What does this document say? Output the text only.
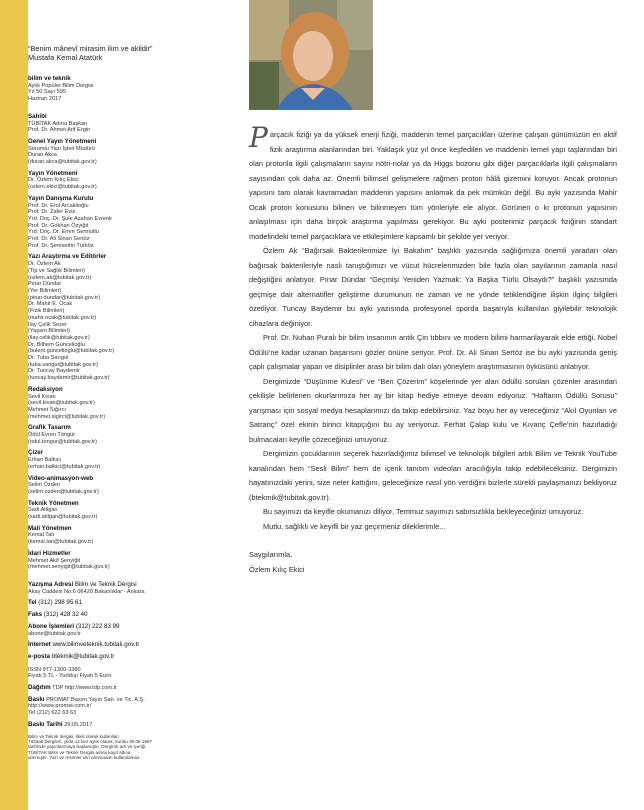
“Benim mânevî mirasim ilim ve akildir”
Mustafa Kemal Atatürk
bilim ve teknik
Aylık Popüler Bilim Dergisi
Yıl 50 Sayı 595
Haziran 2017
Sahibi
TÜBİTAK Adına Başkan
Prof. Dr. Ahmet Arif Ergin
Genel Yayın Yönetmeni
Sorumlu Yazı İşleri Müdürü
Duran Akca
(duran.akca@tubitak.gov.tr)
Yayın Yönetmeni
Dr. Özlem Kılıç Ekici
(ozlem.ekici@tubitak.gov.tr)
Yayın Danışma Kurulu
Prof. Dr. Erol Arcaklioğlu
Prof. Dr. Zafer Evis
Yrd. Doç. Dr. Şule Asahan Evrenk
Prof. Dr. Gökhan Özyiğit
Yrd. Doç. Dr. Emre Sermutlu
Prof. Dr. Ali Sinan Sertöz
Prof. Dr. Şemsettin Türköz
Yazı Araştırma ve Editörler
Dr. Özlem Ak
(Tip ve Sağlık Bilimleri)
(ozlem.ak@tubitak.gov.tr)
Pınar Dündar
(Yer Bilimleri)
(pinar.dundar@tubitak.gov.tr)
Dr. Mahir E. Ocak
(Fizik Bilimleri)
(mahir.ocak@tubitak.gov.tr)
İlay Çelik Sezer
(Yaşam Bilimleri)
(ilay.celik@tubitak.gov.tr)
Dr. Bilhem Güncelioğlu
(bulent.guncelioglu@tubitak.gov.tr)
Dr. Tuba Sarıgul
(tuba.sarigul@tubitak.gov.tr)
Dr. Tuncay Baydemir
(tuncay.baydemir@tubitak.gov.tr)
Redaksiyon
Sevil Kivan
(sevil.kivan@tubitak.gov.tr)
Mehmet Sığırcı
(mehmet.sigirci@tubitak.gov.tr)
Grafik Tasarım
Ödül Evren Töngür
(odul.tongur@tubitak.gov.tr)
Çizer
Erhan Balkıcı
(erhan.balkici@tubitak.gov.tr)
Video-animasyon-web
Selim Özden
(selim.ozden@tubitak.gov.tr)
Teknik Yönetmen
Sadi Atilgan
(sadi.atilgan@tubitak.gov.tr)
Mali Yönetmen
Kemal Tan
(kemal.tan@tubitak.gov.tr)
İdari Hizmetler
Mehmet Akif Şenyiğit
(mehmet.senyigit@tubitak.gov.tr)
Yazışma Adresi Bilim ve Teknik Dergisi
Akay Caddesi No:6 06420 Bakanlıklar - Ankara
Tel (312) 298 95 61
Faks (312) 428 32 40
Abone İşlemleri (312) 222 83 99
abone@tubitak.gov.tr
İnternet www.bilimveteknik.tubitak.gov.tr
e-posta btekmik@tubitak.gov.tr
ISSN 977-1300-3380
Fiyatı 5 TL - Yurtdışı Fiyatı 5 Euro
Dağıtım TDP http://www.tdp.com.tr
Baskı PROMAT Basım Yayın San. ve Tic. A.Ş.
http://www.promat.com.tr/
Tel (212) 622 63 63
Baskı Tarihi 29.05.2017
Bilim ve Teknik dergisi, ilkeli olarak kullanilan
Tübitak Dergileri, yilda 12 kez aylık olarak, kurulu 30.06.1967
tarihinde yayınlanmaya başlamıştır. Derginin adı ve içeriği
TÜBİTAK Bilim ve Teknik Dergisi adına kayıt altına
alınmıştır. Yazı ve resimler izin alınmadan kullanılamaz.

Parçacık fiziği ya da yüksek enerji fiziği, maddenin temel parçacıkları üzerine çalışan günümüzün en aktif fizik araştırma alanlarından biri. Yaklaşık yüz yıl önce keşfedilen ve maddenin temel yapı taşlarından biri olan protonla ilgili çalışmaların sayısı nötri-nolar ya da Higgs bozonu gibi diğer parçacıklarla ilgili çalışmaların sayısından çok daha az. Önemli bilimsel gelişmelere rağmen proton hâlâ gizemini koruyor. Ancak protonun yapısını tam olarak kavramadan maddenin yapısını anlamak da pek mümkün değil. Bu ayki yazısında Mahir Ocak proton konusunu bilinen ve bilinmeyen tüm yönleriyle ele alıyor. Görünen o ki protonun yapısının anlaşılması için daha birçok araştırma yapılması gerekiyor. Bu ayki posterimiz parçacık fiziğinin standart modelindeki temel parçacıklara ve etkileşimlere kapsamlı bir şekilde yer veriyor.

Özlem Ak “Bağırsak Bakterilerimize İyi Bakalım” başlıklı yazısında sağlığımıza önemli yararları olan bağırsak bakterileriyle naslı tanıştığımızı ve vücut hücrelerimizden bile fazla olan sayılarının zamanla nasıl değiştiğini anlatıyor. Pınar Dündar “Geçmişi Yeniden Yazmak: Ya Başka Türlü Olsaydı?” başlıklı yazısında geçmişe dair alternatifler geliştirme durumunun ne zaman ve ne yönde tetiklendiğine ilişkin ilginç bilgileri özetliyor. Tuncay Baydemir bu ayki yazısında profesyonel sporda başarıyla kullanılan giyilebilir teknolojik cihazlara değiniyor.

Prof. Dr. Nuhan Puralı bir bilim insanının antik Çin tıbbını ve modern bilimi harmanlayarak elde ettiği, Nobel Ödülü’ne kadar uzanan başarısını gözler önüne seriyor. Prof. Dr. Ali Sinan Sertöz ise bu ayki yazısında geniş çaplı çalışmalar yapan ve disiplinler arası bir bilim dalı olan yöneylem araştırmasının öyküsünü anlatıyor.

Dergimizde “Düşünme Kulesi” ve “Ben Çözerim” köşelerinde yer alan ödüllü soruları çözenler arasından çekilişle belirlenen okurlarımıza her ay bir kitap hediye etmeye devam ediyoruz. “Haftanın Ödüllü Sorusu” yarışması için sosyal medya hesaplarımızı da takip edebilirsiniz. Yaz boyu her ay vereceğimiz “Akıl Oyunları ve Satranç” özel ekinin birinci kitapçığını bu ay veriyoruz. Ferhat Çalap kulu ve Kıvanç Çefle’nin hazırladığı bulmacaları keyifle çözeceğinizi umuyoruz.

Dergimizin çocuklarının seçerek hazırladığımız bilimsel ve teknolojik bilgileri artık Bilim ve Teknik YouTube kanalından hem “Sesli Bilim” hem de içerik tanıtım videoları aracılığıyla takip edebileceksiniz. Dergimizin hayatınızdaki yerini, size neler kattığını, geleceğinize nasıl yön verdiğini bizlerle sürekli paylaşmanızı bekliyoruz (btekmik@tubitak.gov.tr).

Bu sayımızı da keyifle okumanızı diliyor, Temmuz sayımızı sabırsızlıkla bekleyeceğinizi umuyoruz.

Mutlu, sağlıklı ve keyifli bir yaz geçirmeniz dileklerimle...

Saygılarımla,

Özlem Kılıç Ekici
